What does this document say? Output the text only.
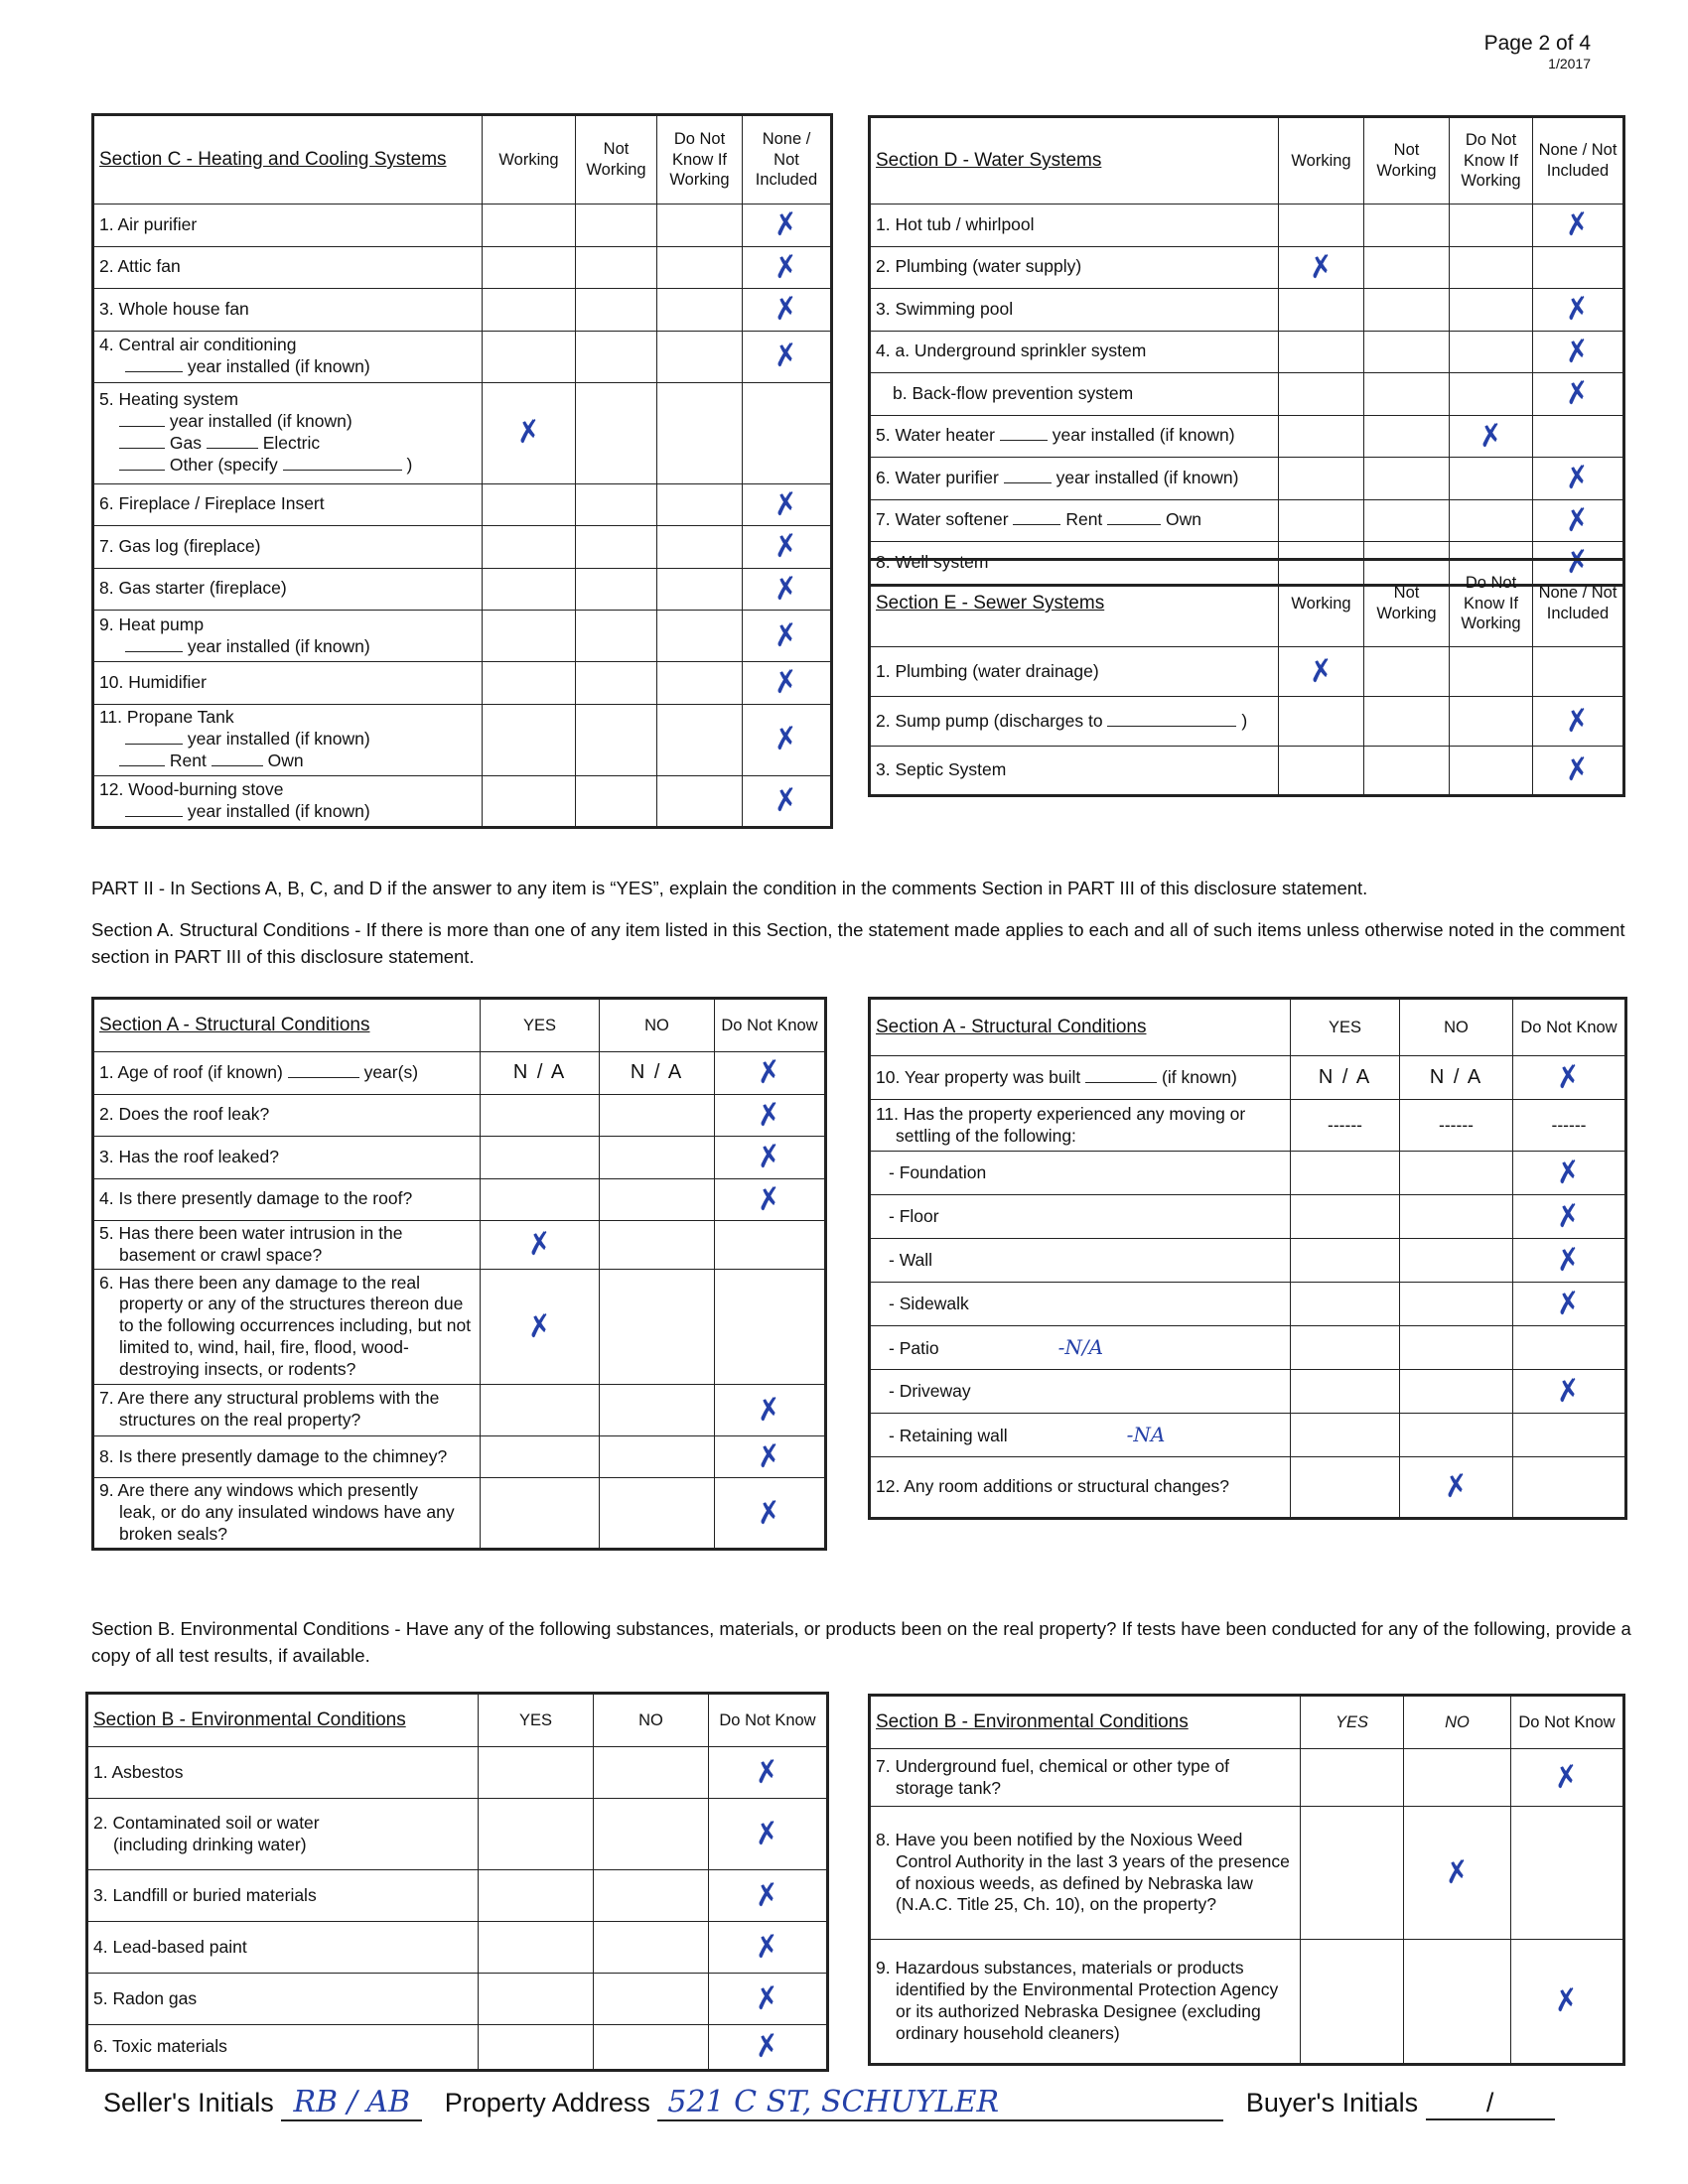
Page 2 of 4
1/2017
Section C - Heating and Cooling Systems	Working	Not Working	Do Not Know If Working	None / Not Included
1. Air purifier				✗
2. Attic fan				✗
3. Whole house fan				✗
4. Central air conditioning
year installed (if known)				✗
5. Heating system
year installed (if known)
Gas Electric
Other (specify )	✗			
6. Fireplace / Fireplace Insert				✗
7. Gas log (fireplace)				✗
8. Gas starter (fireplace)				✗
9. Heat pump
year installed (if known)				✗
10. Humidifier				✗
11. Propane Tank
year installed (if known)
Rent Own				✗
12. Wood-burning stove
year installed (if known)				✗
Section D - Water Systems	Working	Not Working	Do Not Know If Working	None / Not Included
1. Hot tub / whirlpool				✗
2. Plumbing (water supply)	✗			
3. Swimming pool				✗
4. a. Underground sprinkler system				✗
b. Back-flow prevention system				✗
5. Water heater year installed (if known)			✗	
6. Water purifier year installed (if known)				✗
7. Water softener Rent Own				✗
8. Well system				✗
Section E - Sewer Systems	Working	Not Working	Do Not Know If Working	None / Not Included
1. Plumbing (water drainage)	✗			
2. Sump pump (discharges to )				✗
3. Septic System				✗
PART II - In Sections A, B, C, and D if the answer to any item is “YES”, explain the condition in the comments Section in PART III of this disclosure statement.
Section A. Structural Conditions - If there is more than one of any item listed in this Section, the statement made applies to each and all of such items unless otherwise noted in the comment section in PART III of this disclosure statement.
Section A - Structural Conditions	YES	NO	Do Not Know
1. Age of roof (if known) year(s)	N / A	N / A	✗
2. Does the roof leak?			✗
3. Has the roof leaked?			✗
4. Is there presently damage to the roof?			✗
5. Has there been water intrusion in the
basement or crawl space?	✗		
6. Has there been any damage to the real
property or any of the structures thereon due to the following occurrences including, but not limited to, wind, hail, fire, flood, wood-destroying insects, or rodents?	✗		
7. Are there any structural problems with the
structures on the real property?			✗
8. Is there presently damage to the chimney?			✗
9. Are there any windows which presently
leak, or do any insulated windows have any broken seals?			✗
Section A - Structural Conditions	YES	NO	Do Not Know
10. Year property was built (if known)	N / A	N / A	✗
11. Has the property experienced any moving or
settling of the following:	------	------	------
- Foundation			✗
- Floor			✗
- Wall			✗
- Sidewalk			✗
- Patio -N/A			
- Driveway			✗
- Retaining wall -NA			
12. Any room additions or structural changes?		✗	
Section B. Environmental Conditions - Have any of the following substances, materials, or products been on the real property? If tests have been conducted for any of the following, provide a copy of all test results, if available.
Section B - Environmental Conditions	YES	NO	Do Not Know
1. Asbestos			✗
2. Contaminated soil or water
(including drinking water)			✗
3. Landfill or buried materials			✗
4. Lead-based paint			✗
5. Radon gas			✗
6. Toxic materials			✗
Section B - Environmental Conditions	YES	NO	Do Not Know
7. Underground fuel, chemical or other type of
storage tank?			✗
8. Have you been notified by the Noxious Weed
Control Authority in the last 3 years of the presence of noxious weeds, as defined by Nebraska law (N.A.C. Title 25, Ch. 10), on the property?		✗	
9. Hazardous substances, materials or products
identified by the Environmental Protection Agency or its authorized Nebraska Designee (excluding ordinary household cleaners)			✗
Seller's Initials RB / AB Property Address 521 C ST, SCHUYLER	Buyer's Initials	/
